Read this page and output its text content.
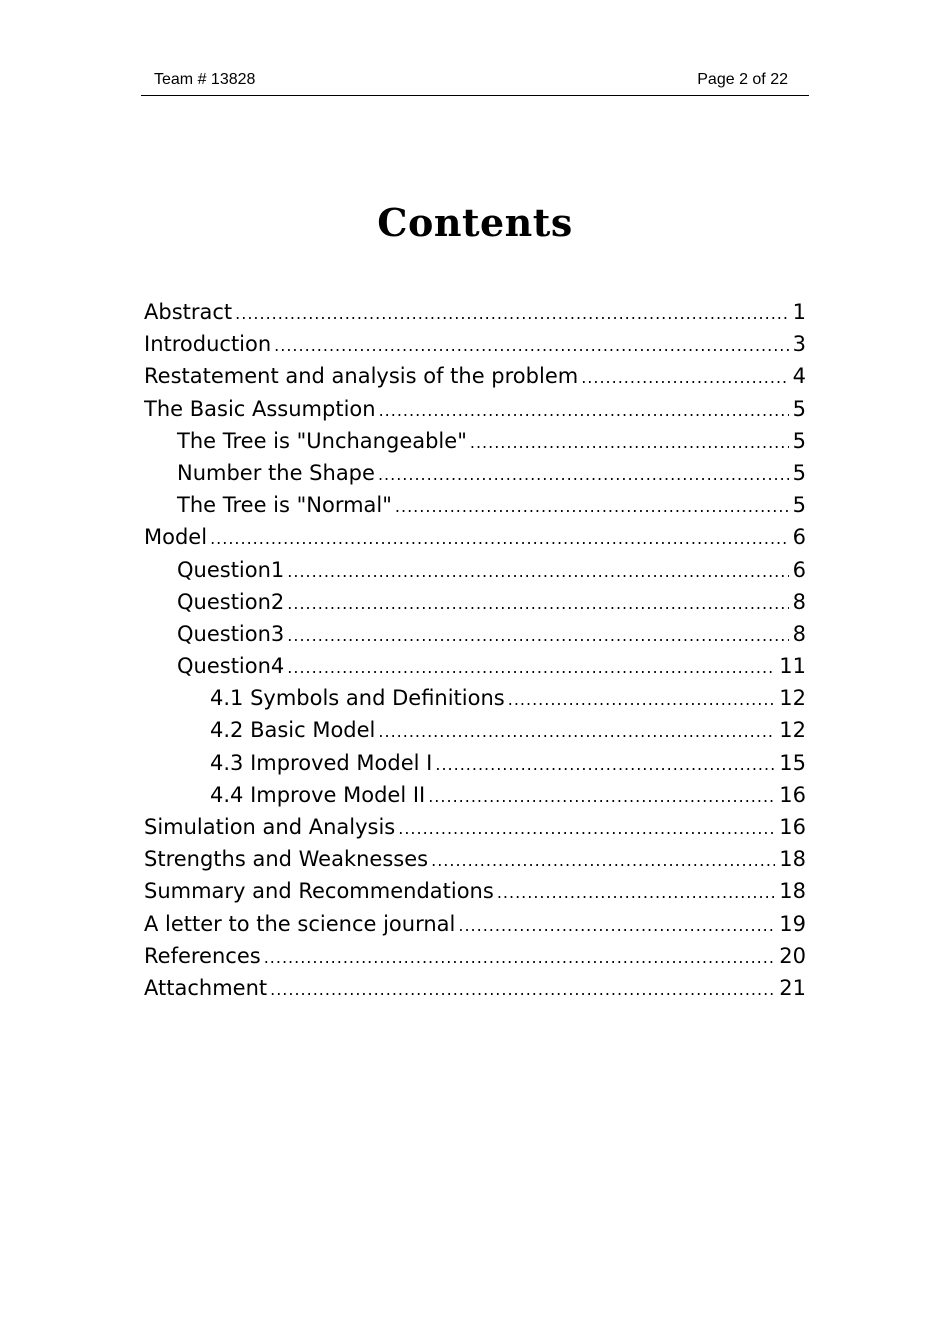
Team # 13828	Page 2 of 22
Contents
Abstract .....	1
Introduction .....	3
Restatement and analysis of the problem .....	4
The Basic Assumption .....	5
The Tree is "Unchangeable" .....	5
Number the Shape .....	5
The Tree is "Normal" .....	5
Model .....	6
Question1 .....	6
Question2 .....	8
Question3 .....	8
Question4 .....	11
4.1 Symbols and Definitions .....	12
4.2 Basic Model .....	12
4.3 Improved Model I .....	15
4.4 Improve Model II .....	16
Simulation and Analysis .....	16
Strengths and Weaknesses .....	18
Summary and Recommendations .....	18
A letter to the science journal .....	19
References .....	20
Attachment .....	21
